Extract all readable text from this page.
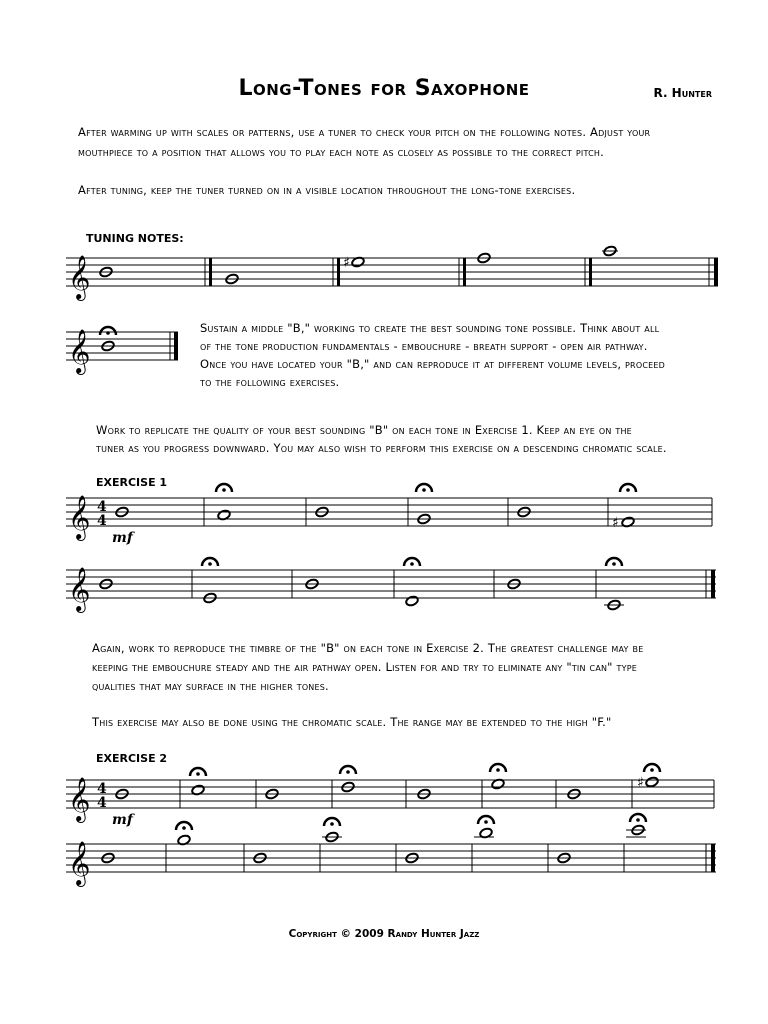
Long-Tones for Saxophone	R. Hunter
After warming up with scales or patterns, use a tuner to check your pitch on the following notes. Adjust your
mouthpiece to a position that allows you to play each note as closely as possible to the correct pitch.
After tuning, keep the tuner turned on in a visible location throughout the long-tone exercises.
TUNING NOTES:
𝄞	♯
𝄞
Sustain a middle "B," working to create the best sounding tone possible. Think about all
of the tone production fundamentals - embouchure - breath support - open air pathway.
Once you have located your "B," and can reproduce it at different volume levels, proceed
to the following exercises.
Work to replicate the quality of your best sounding "B" on each tone in Exercise 1. Keep an eye on the
tuner as you progress downward. You may also wish to perform this exercise on a descending chromatic scale.
EXERCISE 1
𝄞 4
4	♯
mf
𝄞
Again, work to reproduce the timbre of the "B" on each tone in Exercise 2. The greatest challenge may be
keeping the embouchure steady and the air pathway open. Listen for and try to eliminate any "tin can" type
qualities that may surface in the higher tones.
This exercise may also be done using the chromatic scale. The range may be extended to the high "F."
EXERCISE 2
𝄞 4
4
♯
mf
𝄞
Copyright © 2009 Randy Hunter Jazz
